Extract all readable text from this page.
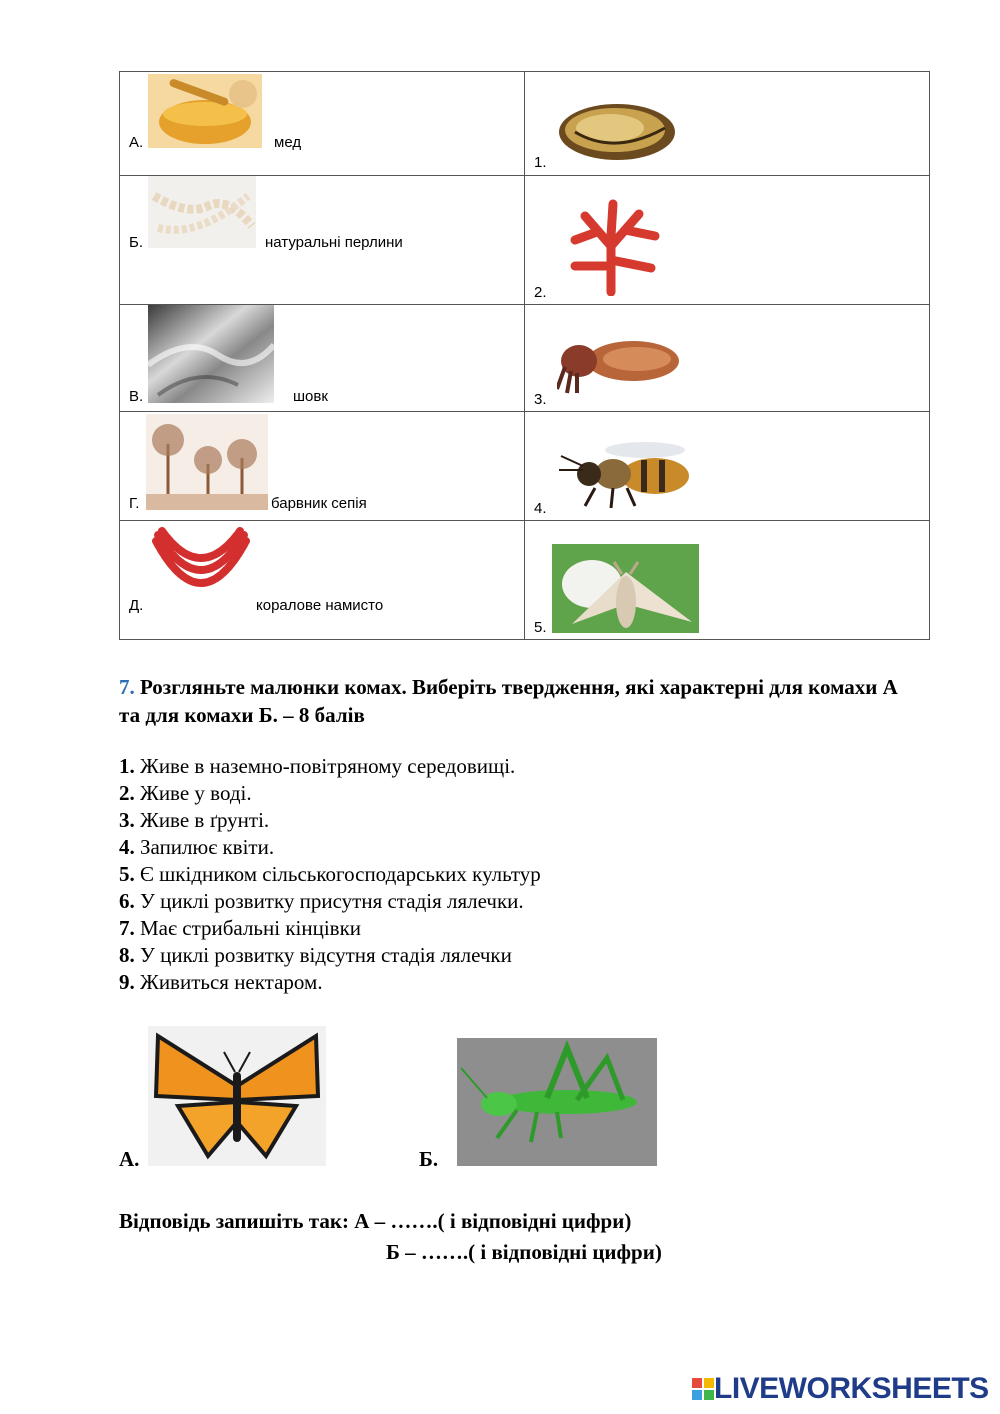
А. мед	1.

Б. натуральні перлини	2.

В. шовк	3.

Г. барвник сепія	4.

Д. коралове намисто	5.
7. Розгляньте малюнки комах. Виберіть твердження, які характерні для комахи А та для комахи Б. – 8 балів
1. Живе в наземно-повітряному середовищі.
2. Живе у воді.
3. Живе в ґрунті.
4. Запилює квіти.
5. Є шкідником сільськогосподарських культур
6. У циклі розвитку присутня стадія лялечки.
7. Має стрибальні кінцівки
8. У циклі розвитку відсутня стадія лялечки
9. Живиться нектаром.
А.	Б.
Відповідь запишіть так: А – …….( і відповідні цифри)
Б – …….( і відповідні цифри)
LIVEWORKSHEETS
